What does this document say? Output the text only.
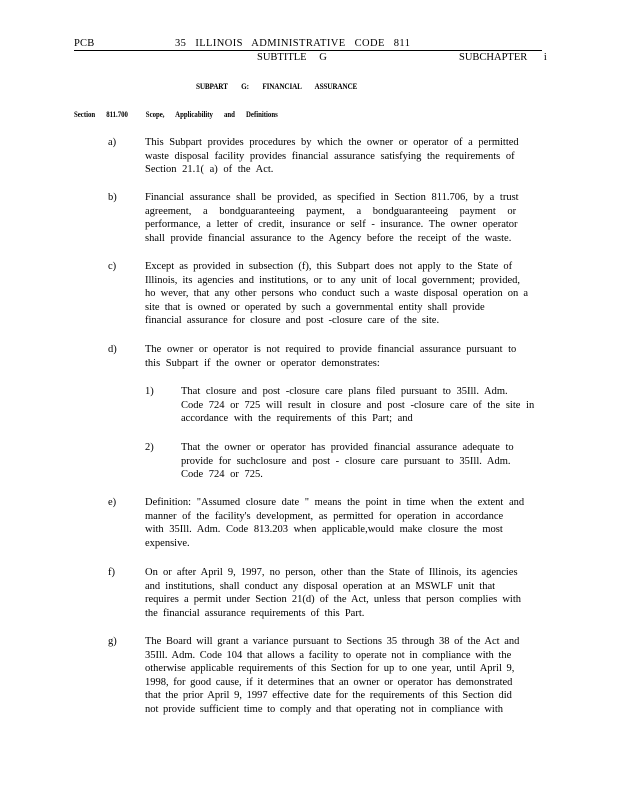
PCB	35 ILLINOIS ADMINISTRATIVE CODE 811
SUBTITLE G	SUBCHAPTER i
SUBPART G: FINANCIAL ASSURANCE
Section 811.700 Scope, Applicability and Definitions
a)	This Subpart provides procedures by which the owner or operator of a permitted
waste disposal facility provides financial assurance satisfying the requirements of
Section 21.1( a) of the Act.
b)	Financial assurance shall be provided, as specified in Section 811.706, by a trust
agreement, a bondguaranteeing payment, a bondguaranteeing payment or
performance, a letter of credit, insurance or self - insurance. The owner operator
shall provide financial assurance to the Agency before the receipt of the waste.
c)	Except as provided in subsection (f), this Subpart does not apply to the State of
Illinois, its agencies and institutions, or to any unit of local government; provided,
ho wever, that any other persons who conduct such a waste disposal operation on a
site that is owned or operated by such a governmental entity shall provide
financial assurance for closure and post -closure care of the site.
d)	The owner or operator is not required to provide financial assurance pursuant to
this Subpart if the owner or operator demonstrates:
1)	That closure and post -closure care plans filed pursuant to 35Ill. Adm.
Code 724 or 725 will result in closure and post -closure care of the site in
accordance with the requirements of this Part; and
2)	That the owner or operator has provided financial assurance adequate to
provide for suchclosure and post - closure care pursuant to 35Ill. Adm.
Code 724 or 725.
e)	Definition: "Assumed closure date " means the point in time when the extent and
manner of the facility's development, as permitted for operation in accordance
with 35Ill. Adm. Code 813.203 when applicable,would make closure the most
expensive.
f)	On or after April 9, 1997, no person, other than the State of Illinois, its agencies
and institutions, shall conduct any disposal operation at an MSWLF unit that
requires a permit under Section 21(d) of the Act, unless that person complies with
the financial assurance requirements of this Part.
g)	The Board will grant a variance pursuant to Sections 35 through 38 of the Act and
35Ill. Adm. Code 104 that allows a facility to operate not in compliance with the
otherwise applicable requirements of this Section for up to one year, until April 9,
1998, for good cause, if it determines that an owner or operator has demonstrated
that the prior April 9, 1997 effective date for the requirements of this Section did
not provide sufficient time to comply and that operating not in compliance with
